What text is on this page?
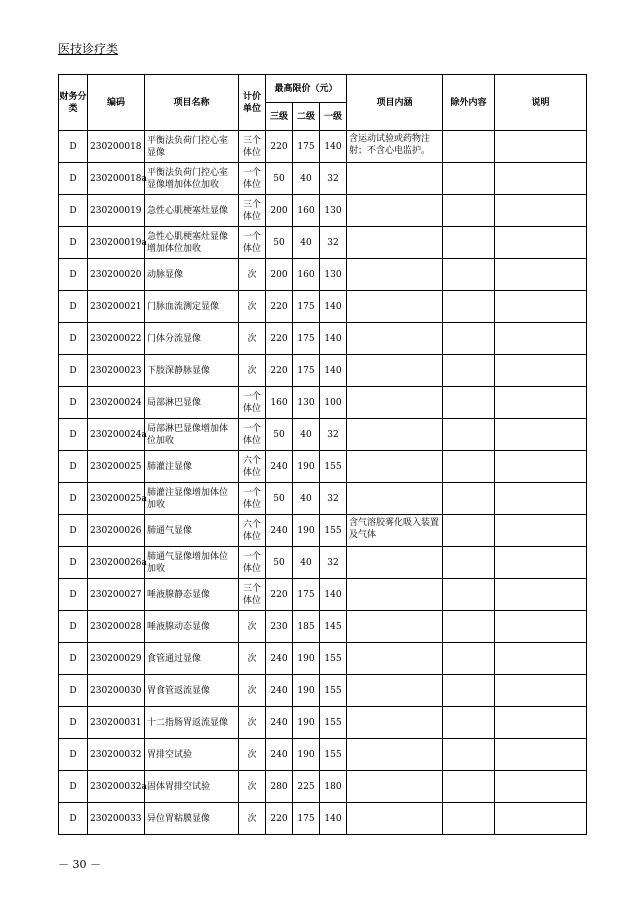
医技诊疗类
财务分类	编码	项目名称	计价单位	最高限价（元）			项目内涵	除外内容	说明
				三级	二级	一级			
D	230200018	平衡法负荷门控心室显像	三个体位	220	175	140	含运动试验或药物注射；不含心电监护。		
D	230200018a	平衡法负荷门控心室显像增加体位加收	一个体位	50	40	32			
D	230200019	急性心肌梗塞灶显像	三个体位	200	160	130			
D	230200019a	急性心肌梗塞灶显像增加体位加收	一个体位	50	40	32			
D	230200020	动脉显像	次	200	160	130			
D	230200021	门脉血流测定显像	次	220	175	140			
D	230200022	门体分流显像	次	220	175	140			
D	230200023	下肢深静脉显像	次	220	175	140			
D	230200024	局部淋巴显像	一个体位	160	130	100			
D	230200024a	局部淋巴显像增加体位加收	一个体位	50	40	32			
D	230200025	肺灌注显像	六个体位	240	190	155			
D	230200025a	肺灌注显像增加体位加收	一个体位	50	40	32			
D	230200026	肺通气显像	六个体位	240	190	155	含气溶胶雾化吸入装置及气体		
D	230200026a	肺通气显像增加体位加收	一个体位	50	40	32			
D	230200027	唾液腺静态显像	三个体位	220	175	140			
D	230200028	唾液腺动态显像	次	230	185	145			
D	230200029	食管通过显像	次	240	190	155			
D	230200030	胃食管返流显像	次	240	190	155			
D	230200031	十二指肠胃返流显像	次	240	190	155			
D	230200032	胃排空试验	次	240	190	155			
D	230200032a	固体胃排空试验	次	280	225	180			
D	230200033	异位胃粘膜显像	次	220	175	140			
－ 30 －
